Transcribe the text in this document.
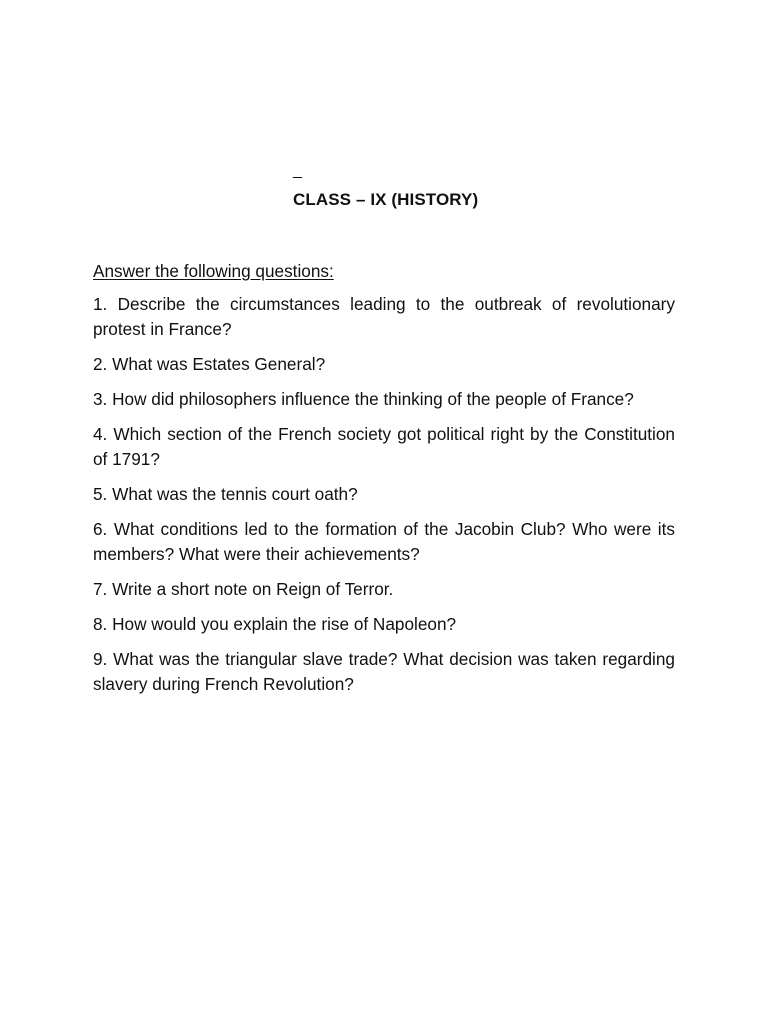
_
CLASS – IX (HISTORY)
Answer the following questions:
1. Describe the circumstances leading to the outbreak of revolutionary protest in France?
2. What was Estates General?
3. How did philosophers influence the thinking of the people of France?
4. Which section of the French society got political right by the Constitution of 1791?
5. What was the tennis court oath?
6. What conditions led to the formation of the Jacobin Club? Who were its members? What were their achievements?
7. Write a short note on Reign of Terror.
8. How would you explain the rise of Napoleon?
9. What was the triangular slave trade? What decision was taken regarding slavery during French Revolution?
